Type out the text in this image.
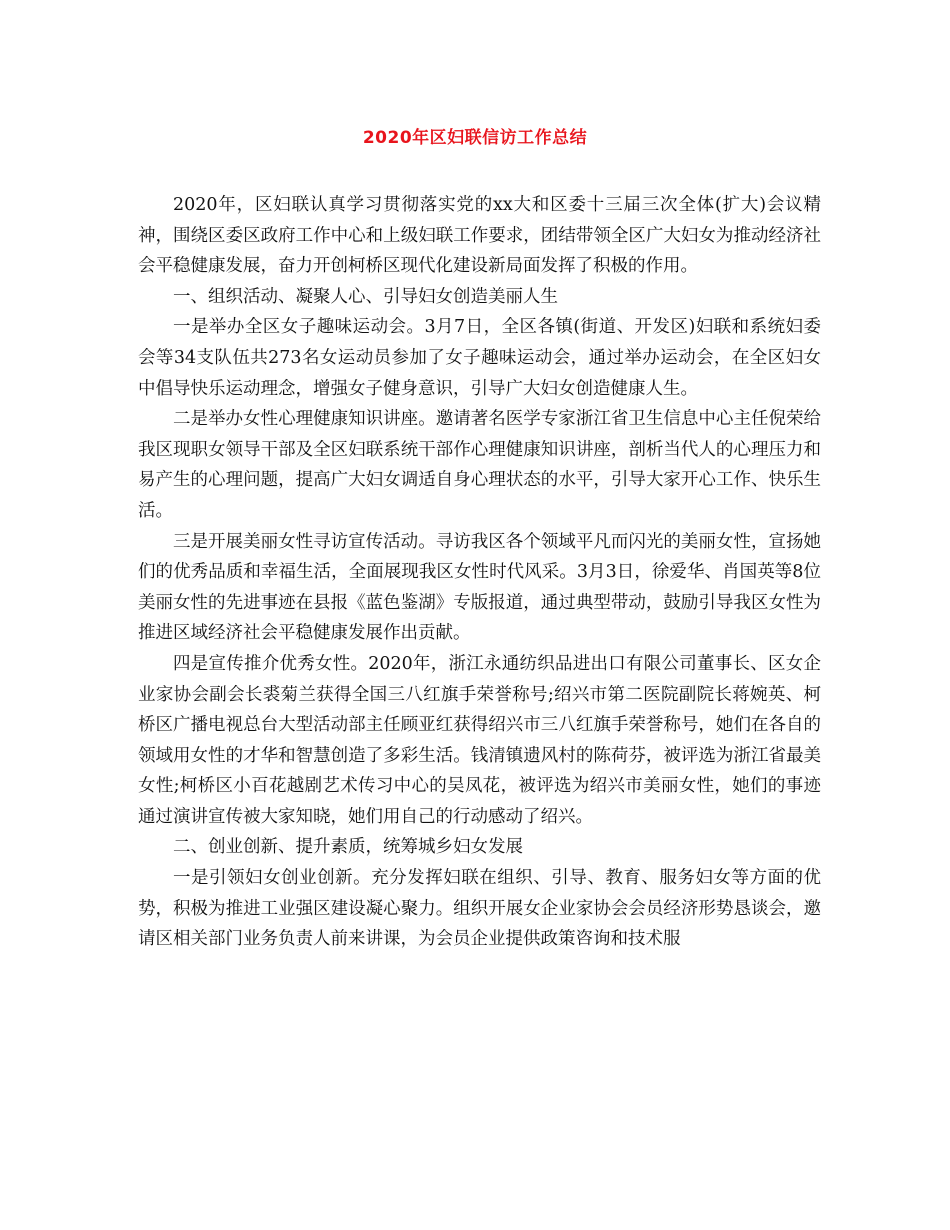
2020年区妇联信访工作总结

2020年，区妇联认真学习贯彻落实党的xx大和区委十三届三次全体(扩大)会议精神，围绕区委区政府工作中心和上级妇联工作要求，团结带领全区广大妇女为推动经济社会平稳健康发展，奋力开创柯桥区现代化建设新局面发挥了积极的作用。

一、组织活动、凝聚人心、引导妇女创造美丽人生

一是举办全区女子趣味运动会。3月7日，全区各镇(街道、开发区)妇联和系统妇委会等34支队伍共273名女运动员参加了女子趣味运动会，通过举办运动会，在全区妇女中倡导快乐运动理念，增强女子健身意识，引导广大妇女创造健康人生。

二是举办女性心理健康知识讲座。邀请著名医学专家浙江省卫生信息中心主任倪荣给我区现职女领导干部及全区妇联系统干部作心理健康知识讲座，剖析当代人的心理压力和易产生的心理问题，提高广大妇女调适自身心理状态的水平，引导大家开心工作、快乐生活。

三是开展美丽女性寻访宣传活动。寻访我区各个领域平凡而闪光的美丽女性，宣扬她们的优秀品质和幸福生活，全面展现我区女性时代风采。3月3日，徐爱华、肖国英等8位美丽女性的先进事迹在县报《蓝色鉴湖》专版报道，通过典型带动，鼓励引导我区女性为推进区域经济社会平稳健康发展作出贡献。

四是宣传推介优秀女性。2020年，浙江永通纺织品进出口有限公司董事长、区女企业家协会副会长裘菊兰获得全国三八红旗手荣誉称号;绍兴市第二医院副院长蒋婉英、柯桥区广播电视总台大型活动部主任顾亚红获得绍兴市三八红旗手荣誉称号，她们在各自的领域用女性的才华和智慧创造了多彩生活。钱清镇遗风村的陈荷芬，被评选为浙江省最美女性;柯桥区小百花越剧艺术传习中心的吴凤花，被评选为绍兴市美丽女性，她们的事迹通过演讲宣传被大家知晓，她们用自己的行动感动了绍兴。

二、创业创新、提升素质，统筹城乡妇女发展

一是引领妇女创业创新。充分发挥妇联在组织、引导、教育、服务妇女等方面的优势，积极为推进工业强区建设凝心聚力。组织开展女企业家协会会员经济形势恳谈会，邀请区相关部门业务负责人前来讲课，为会员企业提供政策咨询和技术服
